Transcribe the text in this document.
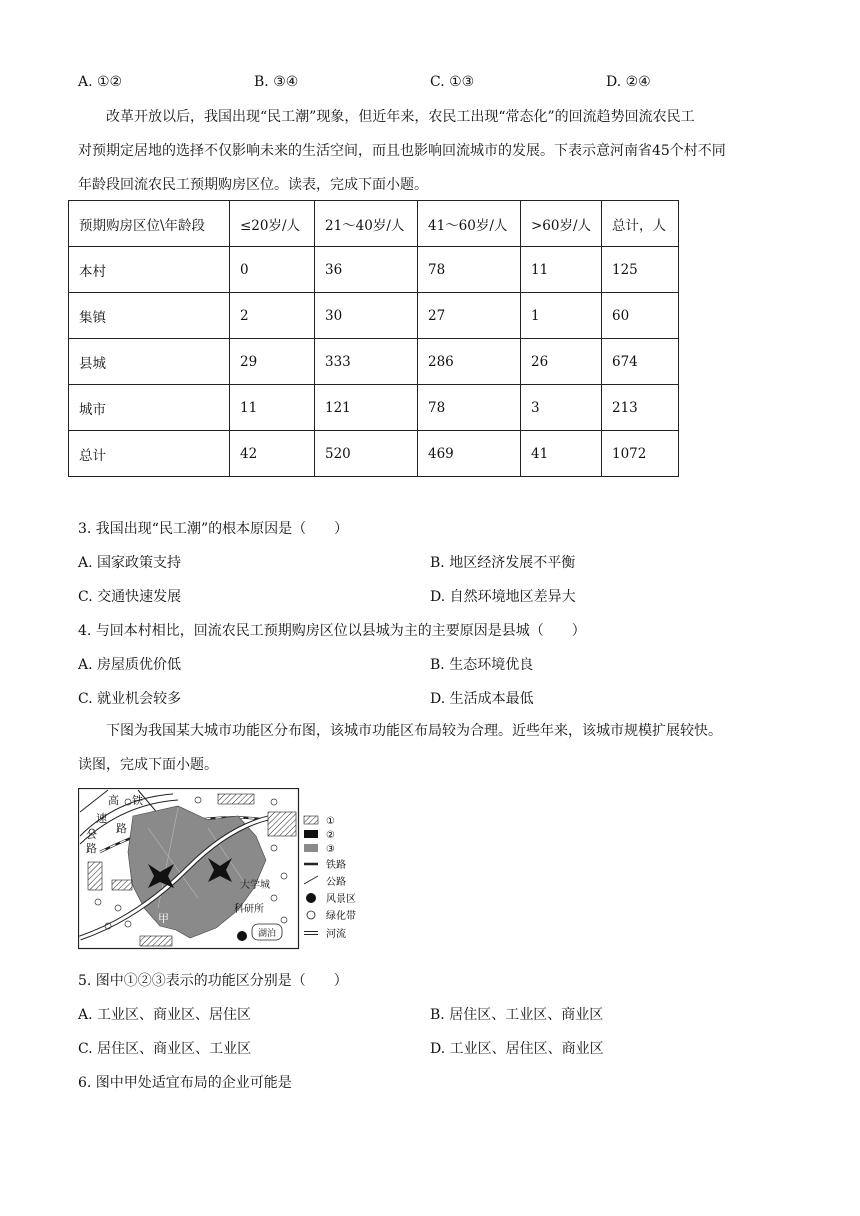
A. ①②	B. ③④	C. ①③	D. ②④
改革开放以后，我国出现“民工潮”现象，但近年来，农民工出现“常态化”的回流趋势回流农民工
对预期定居地的选择不仅影响未来的生活空间，而且也影响回流城市的发展。下表示意河南省45个村不同
年龄段回流农民工预期购房区位。读表，完成下面小题。
预期购房区位\年龄段	≤20岁/人	21～40岁/人	41～60岁/人	>60岁/人	总计，人
本村	0	36	78	11	125
集镇	2	30	27	1	60
县城	29	333	286	26	674
城市	11	121	78	3	213
总计	42	520	469	41	1072
3. 我国出现“民工潮”的根本原因是（　　）
A. 国家政策支持	B. 地区经济发展不平衡
C. 交通快速发展	D. 自然环境地区差异大
4. 与回本村相比，回流农民工预期购房区位以县城为主的主要原因是县城（　　）
A. 房屋质优价低	B. 生态环境优良
C. 就业机会较多	D. 生活成本最低
下图为我国某大城市功能区分布图，该城市功能区布局较为合理。近些年来，该城市规模扩展较快。
读图，完成下面小题。
高
速
公
路
铁
路
大学城
科研所
湖泊
甲
①
②
③
铁路
公路
风景区
绿化带
河流
5. 图中①②③表示的功能区分别是（　　）
A. 工业区、商业区、居住区	B. 居住区、工业区、商业区
C. 居住区、商业区、工业区	D. 工业区、居住区、商业区
6. 图中甲处适宜布局的企业可能是
